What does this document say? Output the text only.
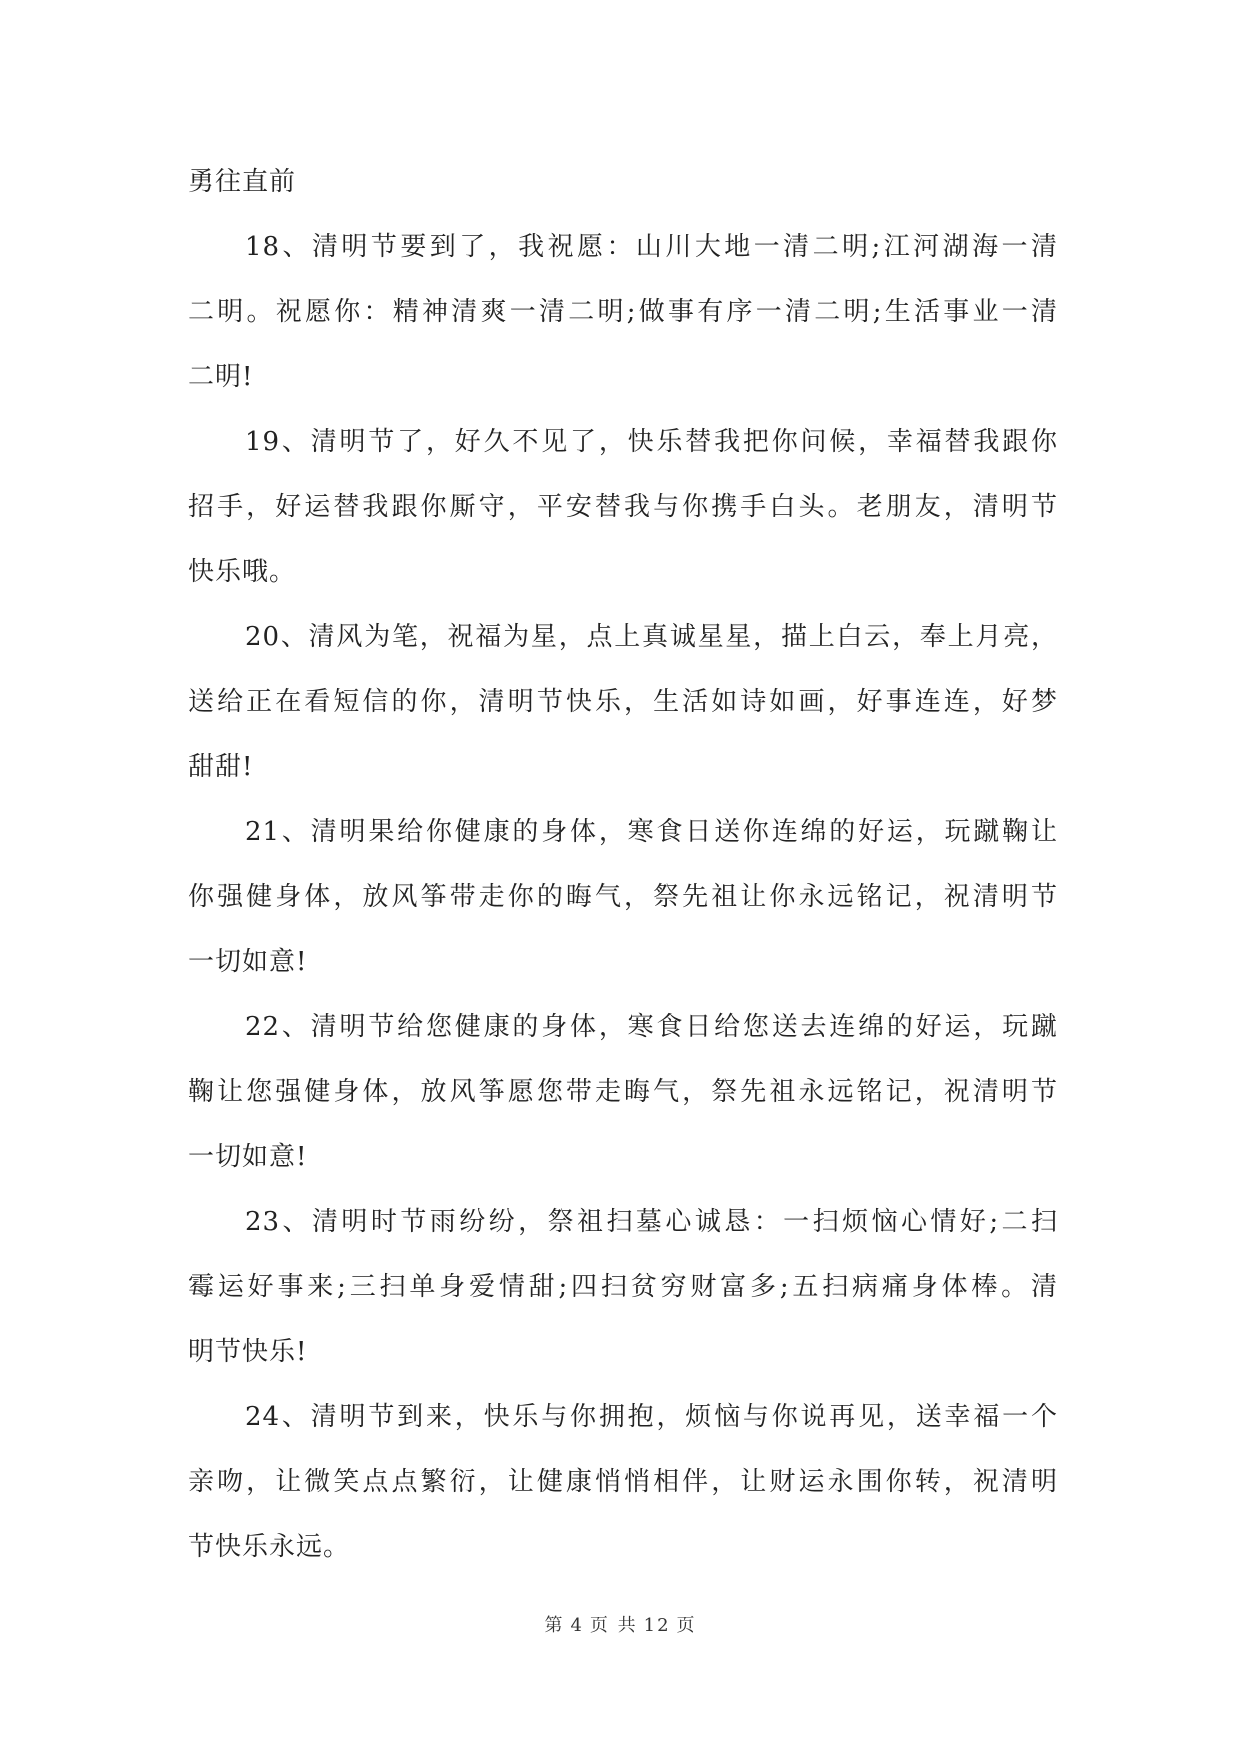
勇往直前
18、清明节要到了，我祝愿：山川大地一清二明;江河湖海一清
二明。祝愿你：精神清爽一清二明;做事有序一清二明;生活事业一清
二明!
19、清明节了，好久不见了，快乐替我把你问候，幸福替我跟你
招手，好运替我跟你厮守，平安替我与你携手白头。老朋友，清明节
快乐哦。
20、清风为笔，祝福为星，点上真诚星星，描上白云，奉上月亮，
送给正在看短信的你，清明节快乐，生活如诗如画，好事连连，好梦
甜甜!
21、清明果给你健康的身体，寒食日送你连绵的好运，玩蹴鞠让
你强健身体，放风筝带走你的晦气，祭先祖让你永远铭记，祝清明节
一切如意!
22、清明节给您健康的身体，寒食日给您送去连绵的好运，玩蹴
鞠让您强健身体，放风筝愿您带走晦气，祭先祖永远铭记，祝清明节
一切如意!
23、清明时节雨纷纷，祭祖扫墓心诚恳：一扫烦恼心情好;二扫
霉运好事来;三扫单身爱情甜;四扫贫穷财富多;五扫病痛身体棒。清
明节快乐!
24、清明节到来，快乐与你拥抱，烦恼与你说再见，送幸福一个
亲吻，让微笑点点繁衍，让健康悄悄相伴，让财运永围你转，祝清明
节快乐永远。
第 4 页 共 12 页
